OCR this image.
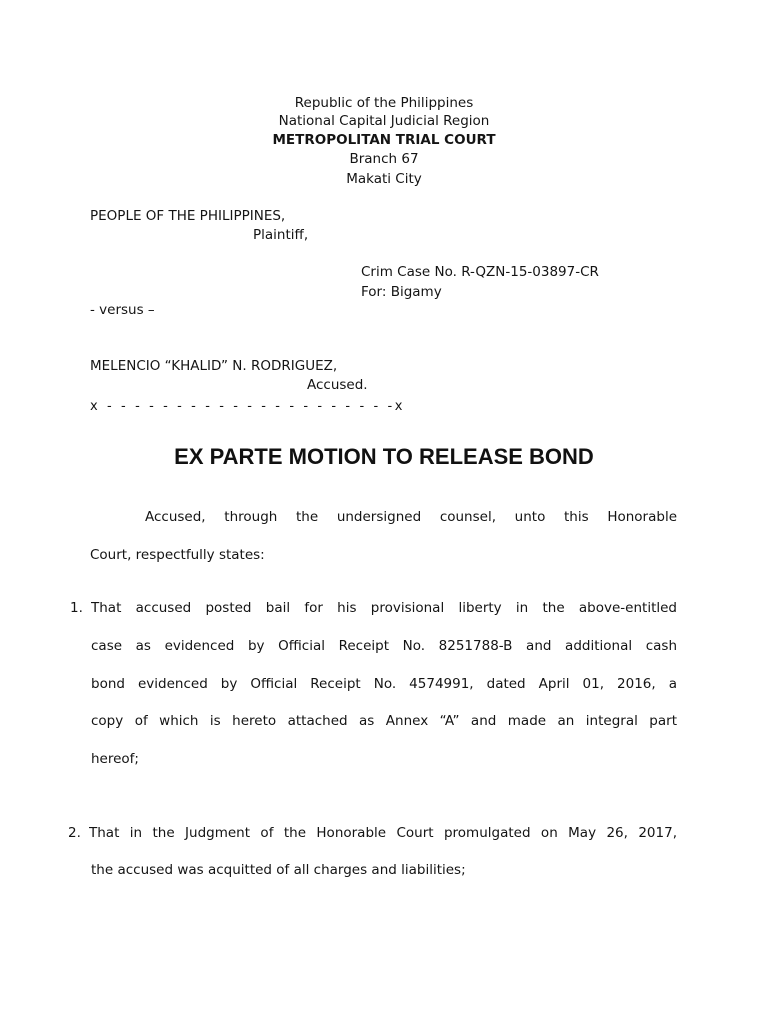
Republic of the Philippines
National Capital Judicial Region
METROPOLITAN TRIAL COURT
Branch 67
Makati City
PEOPLE OF THE PHILIPPINES,
Plaintiff,
Crim Case No. R-QZN-15-03897-CR
For: Bigamy
- versus –
MELENCIO “KHALID” N. RODRIGUEZ,
Accused.
x - - - - - - - - - - - - - - - - - - - - -x
EX PARTE MOTION TO RELEASE BOND
Accused, through the undersigned counsel, unto this Honorable
Court, respectfully states:
1. That accused posted bail for his provisional liberty in the above-entitled
case as evidenced by Official Receipt No. 8251788-B and additional cash
bond evidenced by Official Receipt No. 4574991, dated April 01, 2016, a
copy of which is hereto attached as Annex “A” and made an integral part
hereof;
2. That in the Judgment of the Honorable Court promulgated on May 26, 2017,
the accused was acquitted of all charges and liabilities;
